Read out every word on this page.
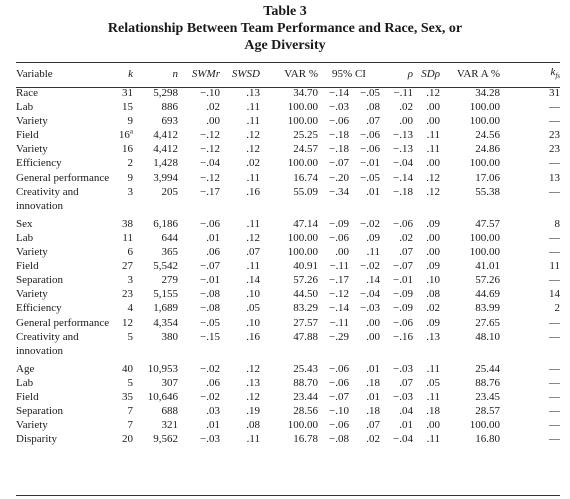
Table 3
Relationship Between Team Performance and Race, Sex, or
Age Diversity
Variable	k	n	SWMr	SWSD	VAR %	95% CI		ρ	SDρ	VAR A %	$k_{fs}$
Race	31	5,298	−.10	.13	34.70	−.14	−.05	−.11	.12	34.28	31
Lab	15	886	.02	.11	100.00	−.03	.08	.02	.00	100.00	—
Variety	9	693	.00	.11	100.00	−.06	.07	.00	.00	100.00	—
Field	16$^a$	4,412	−.12	.12	25.25	−.18	−.06	−.13	.11	24.56	23
Variety	16	4,412	−.12	.12	24.57	−.18	−.06	−.13	.11	24.86	23
Efficiency	2	1,428	−.04	.02	100.00	−.07	−.01	−.04	.00	100.00	—
General performance	9	3,994	−.12	.11	16.74	−.20	−.05	−.14	.12	17.06	13
Creativity and innovation	3	205	−.17	.16	55.09	−.34	.01	−.18	.12	55.38	—
Sex	38	6,186	−.06	.11	47.14	−.09	−.02	−.06	.09	47.57	8
Lab	11	644	.01	.12	100.00	−.06	.09	.02	.00	100.00	—
Variety	6	365	.06	.07	100.00	.00	.11	.07	.00	100.00	—
Field	27	5,542	−.07	.11	40.91	−.11	−.02	−.07	.09	41.01	11
Separation	3	279	−.01	.14	57.26	−.17	.14	−.01	.10	57.26	—
Variety	23	5,155	−.08	.10	44.50	−.12	−.04	−.09	.08	44.69	14
Efficiency	4	1,689	−.08	.05	83.29	−.14	−.03	−.09	.02	83.99	2
General performance	12	4,354	−.05	.10	27.57	−.11	.00	−.06	.09	27.65	—
Creativity and innovation	5	380	−.15	.16	47.88	−.29	.00	−.16	.13	48.10	—
Age	40	10,953	−.02	.12	25.43	−.06	.01	−.03	.11	25.44	—
Lab	5	307	.06	.13	88.70	−.06	.18	.07	.05	88.76	—
Field	35	10,646	−.02	.12	23.44	−.07	.01	−.03	.11	23.45	—
Separation	7	688	.03	.19	28.56	−.10	.18	.04	.18	28.57	—
Variety	7	321	.01	.08	100.00	−.06	.07	.01	.00	100.00	—
Disparity	20	9,562	−.03	.11	16.78	−.08	.02	−.04	.11	16.80	—
